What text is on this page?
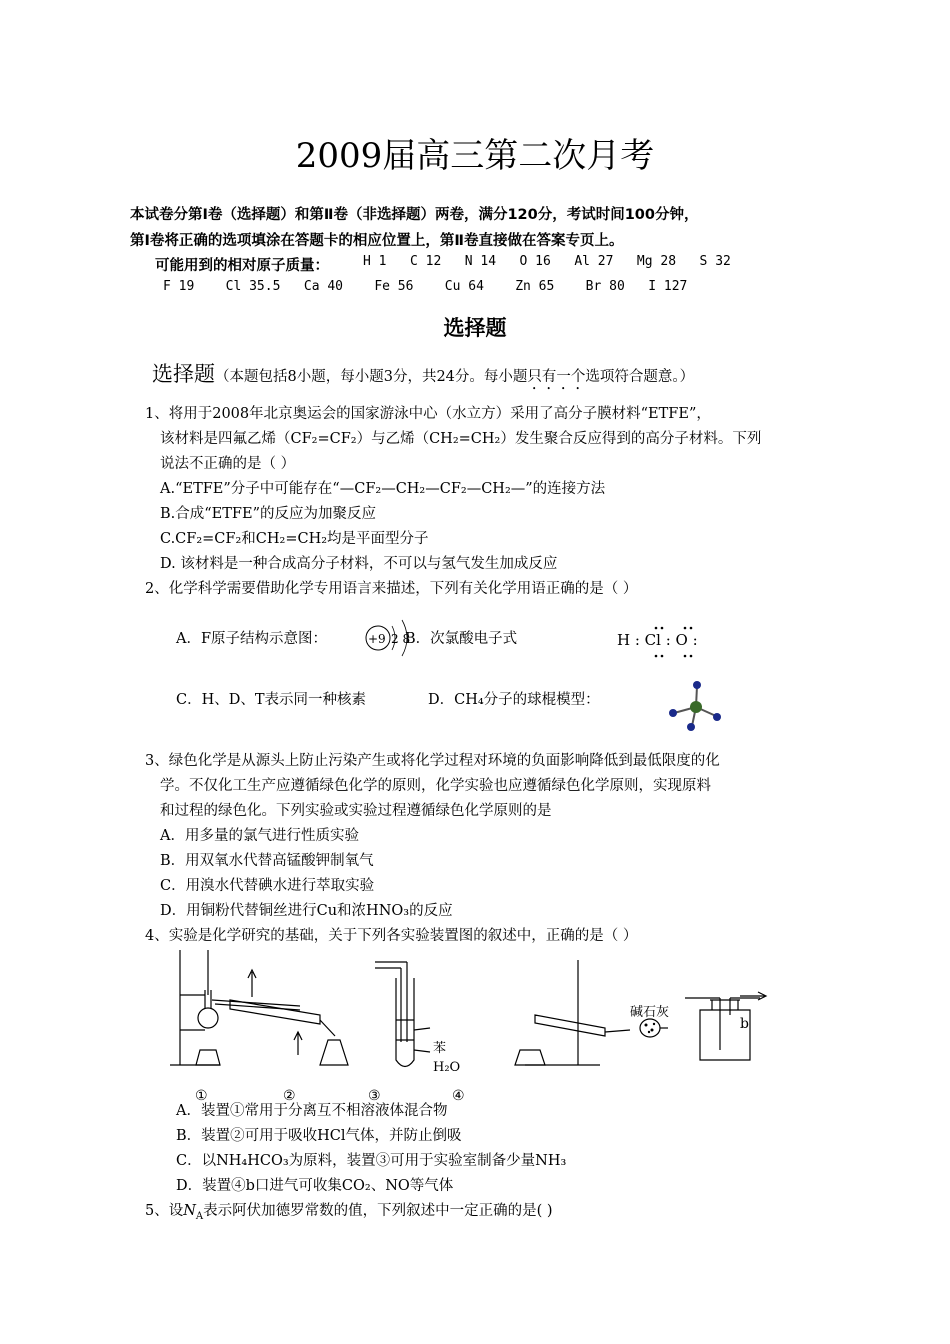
2009届高三第二次月考
本试卷分第Ⅰ卷（选择题）和第Ⅱ卷（非选择题）两卷，满分120分，考试时间100分钟，
第Ⅰ卷将正确的选项填涂在答题卡的相应位置上，第Ⅱ卷直接做在答案专页上。
可能用到的相对原子质量：	H 1   C 12   N 14   O 16   Al 27   Mg 28   S 32
F 19    Cl 35.5   Ca 40    Fe 56    Cu 64    Zn 65    Br 80   I 127
选择题
选择题（本题包括8小题，每小题3分，共24分。每小题只有一个选项符合题意。）
1、将用于2008年北京奥运会的国家游泳中心（水立方）采用了高分子膜材料“ETFE”，
该材料是四氟乙烯（CF₂=CF₂）与乙烯（CH₂=CH₂）发生聚合反应得到的高分子材料。下列
说法不正确的是（ ）
A.“ETFE”分子中可能存在“—CF₂—CH₂—CF₂—CH₂—”的连接方法
B.合成“ETFE”的反应为加聚反应
C.CF₂=CF₂和CH₂=CH₂均是平面型分子
D. 该材料是一种合成高分子材料，不可以与氢气发生加成反应
2、化学科学需要借助化学专用语言来描述，下列有关化学用语正确的是（ ）
A．F原子结构示意图：	+9 2 8
B．次氯酸电子式	H : Cl : O :
C．H、D、T表示同一种核素	D．CH₄分子的球棍模型：
3、绿色化学是从源头上防止污染产生或将化学过程对环境的负面影响降低到最低限度的化
学。不仅化工生产应遵循绿色化学的原则，化学实验也应遵循绿色化学原则，实现原料
和过程的绿色化。下列实验或实验过程遵循绿色化学原则的是
A．用多量的氯气进行性质实验
B．用双氧水代替高锰酸钾制氧气
C．用溴水代替碘水进行萃取实验
D．用铜粉代替铜丝进行Cu和浓HNO₃的反应
4、实验是化学研究的基础，关于下列各实验装置图的叙述中，正确的是（ ）
苯
H₂O
碱石灰
b
①	②	③	④
A．装置①常用于分离互不相溶液体混合物
B．装置②可用于吸收HCl气体，并防止倒吸
C．以NH₄HCO₃为原料，装置③可用于实验室制备少量NH₃
D．装置④b口进气可收集CO₂、NO等气体
5、设$N_A$表示阿伏加德罗常数的值，下列叙述中一定正确的是( )
